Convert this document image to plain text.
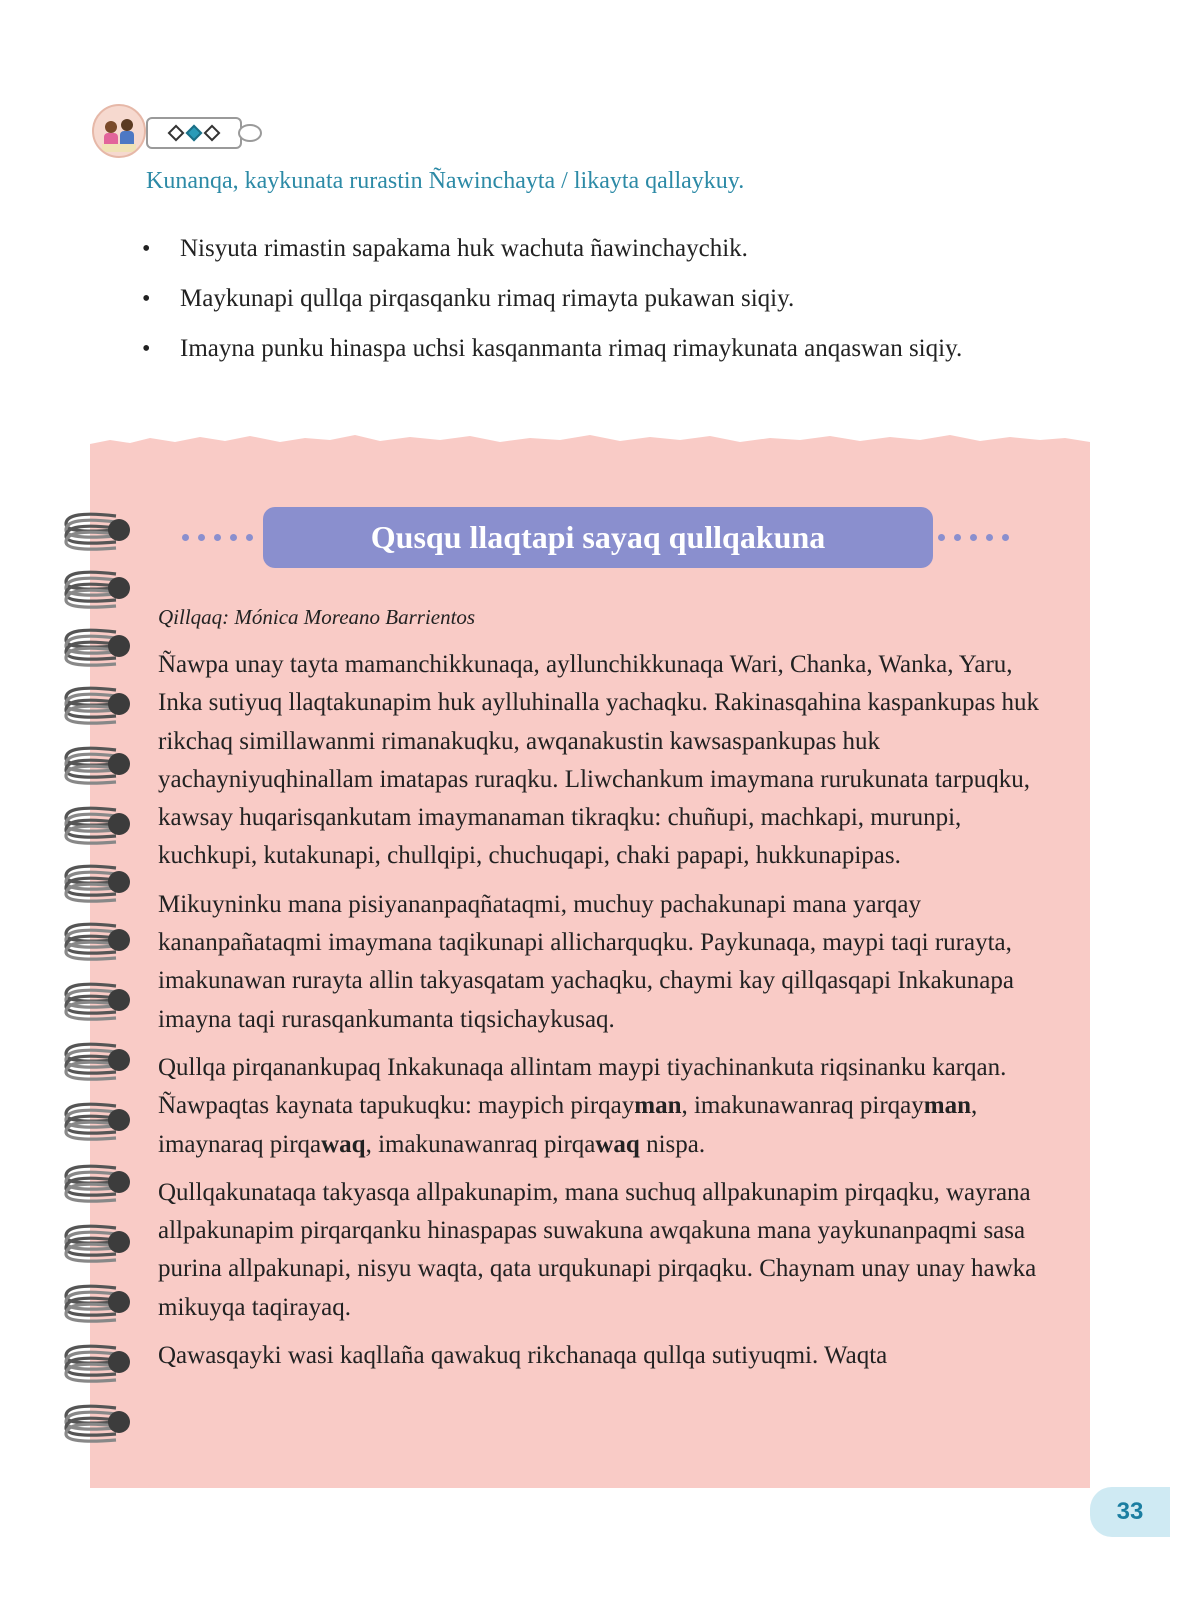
Kunanqa, kaykunata rurastin Ñawinchayta / likayta qallaykuy.

• Nisyuta rimastin sapakama huk wachuta ñawinchaychik.
• Maykunapi qullqa pirqasqanku rimaq rimayta pukawan siqiy.
• Imayna punku hinaspa uchsi kasqanmanta rimaq rimaykunata anqaswan siqiy.
Qusqu llaqtapi sayaq qullqakuna

Qillqaq: Mónica Moreano Barrientos

Ñawpa unay tayta mamanchikkunaqa, ayllunchikkunaqa Wari, Chanka, Wanka, Yaru, Inka sutiyuq llaqtakunapim huk aylluhinalla yachaqku. Rakinasqahina kaspankupas huk rikchaq simillawanmi rimanakuqku, awqanakustin kawsaspankupas huk yachayniyuqhinallam imatapas ruraqku. Lliwchankum imaymana rurukunata tarpuqku, kawsay huqarisqankutam imaymanaman tikraqku: chuñupi, machkapi, murunpi, kuchkupi, kutakunapi, chullqipi, chuchuqapi, chaki papapi, hukkunapipas.

Mikuyninku mana pisiyananpaqñataqmi, muchuy pachakunapi mana yarqay kananpañataqmi imaymana taqikunapi allicharquqku. Paykunaqa, maypi taqi rurayta, imakunawan rurayta allin takyasqatam yachaqku, chaymi kay qillqasqapi Inkakunapa imayna taqi rurasqankumanta tiqsichaykusaq.

Qullqa pirqanankupaq Inkakunaqa allintam maypi tiyachinankuta riqsinanku karqan. Ñawpaqtas kaynata tapukuqku: maypich pirqayman, imakunawanraq pirqayman, imaynaraq pirqawaq, imakunawanraq pirqawaq nispa.

Qullqakunataqa takyasqa allpakunapim, mana suchuq allpakunapim pirqaqku, wayrana allpakunapim pirqarqanku hinaspapas suwakuna awqakuna mana yaykunanpaqmi sasa purina allpakunapi, nisyu waqta, qata urqukunapi pirqaqku. Chaynam unay unay hawka mikuyqa taqirayaq.

Qawasqayki wasi kaqllaña qawakuq rikchanaqa qullqa sutiyuqmi. Waqta

33
